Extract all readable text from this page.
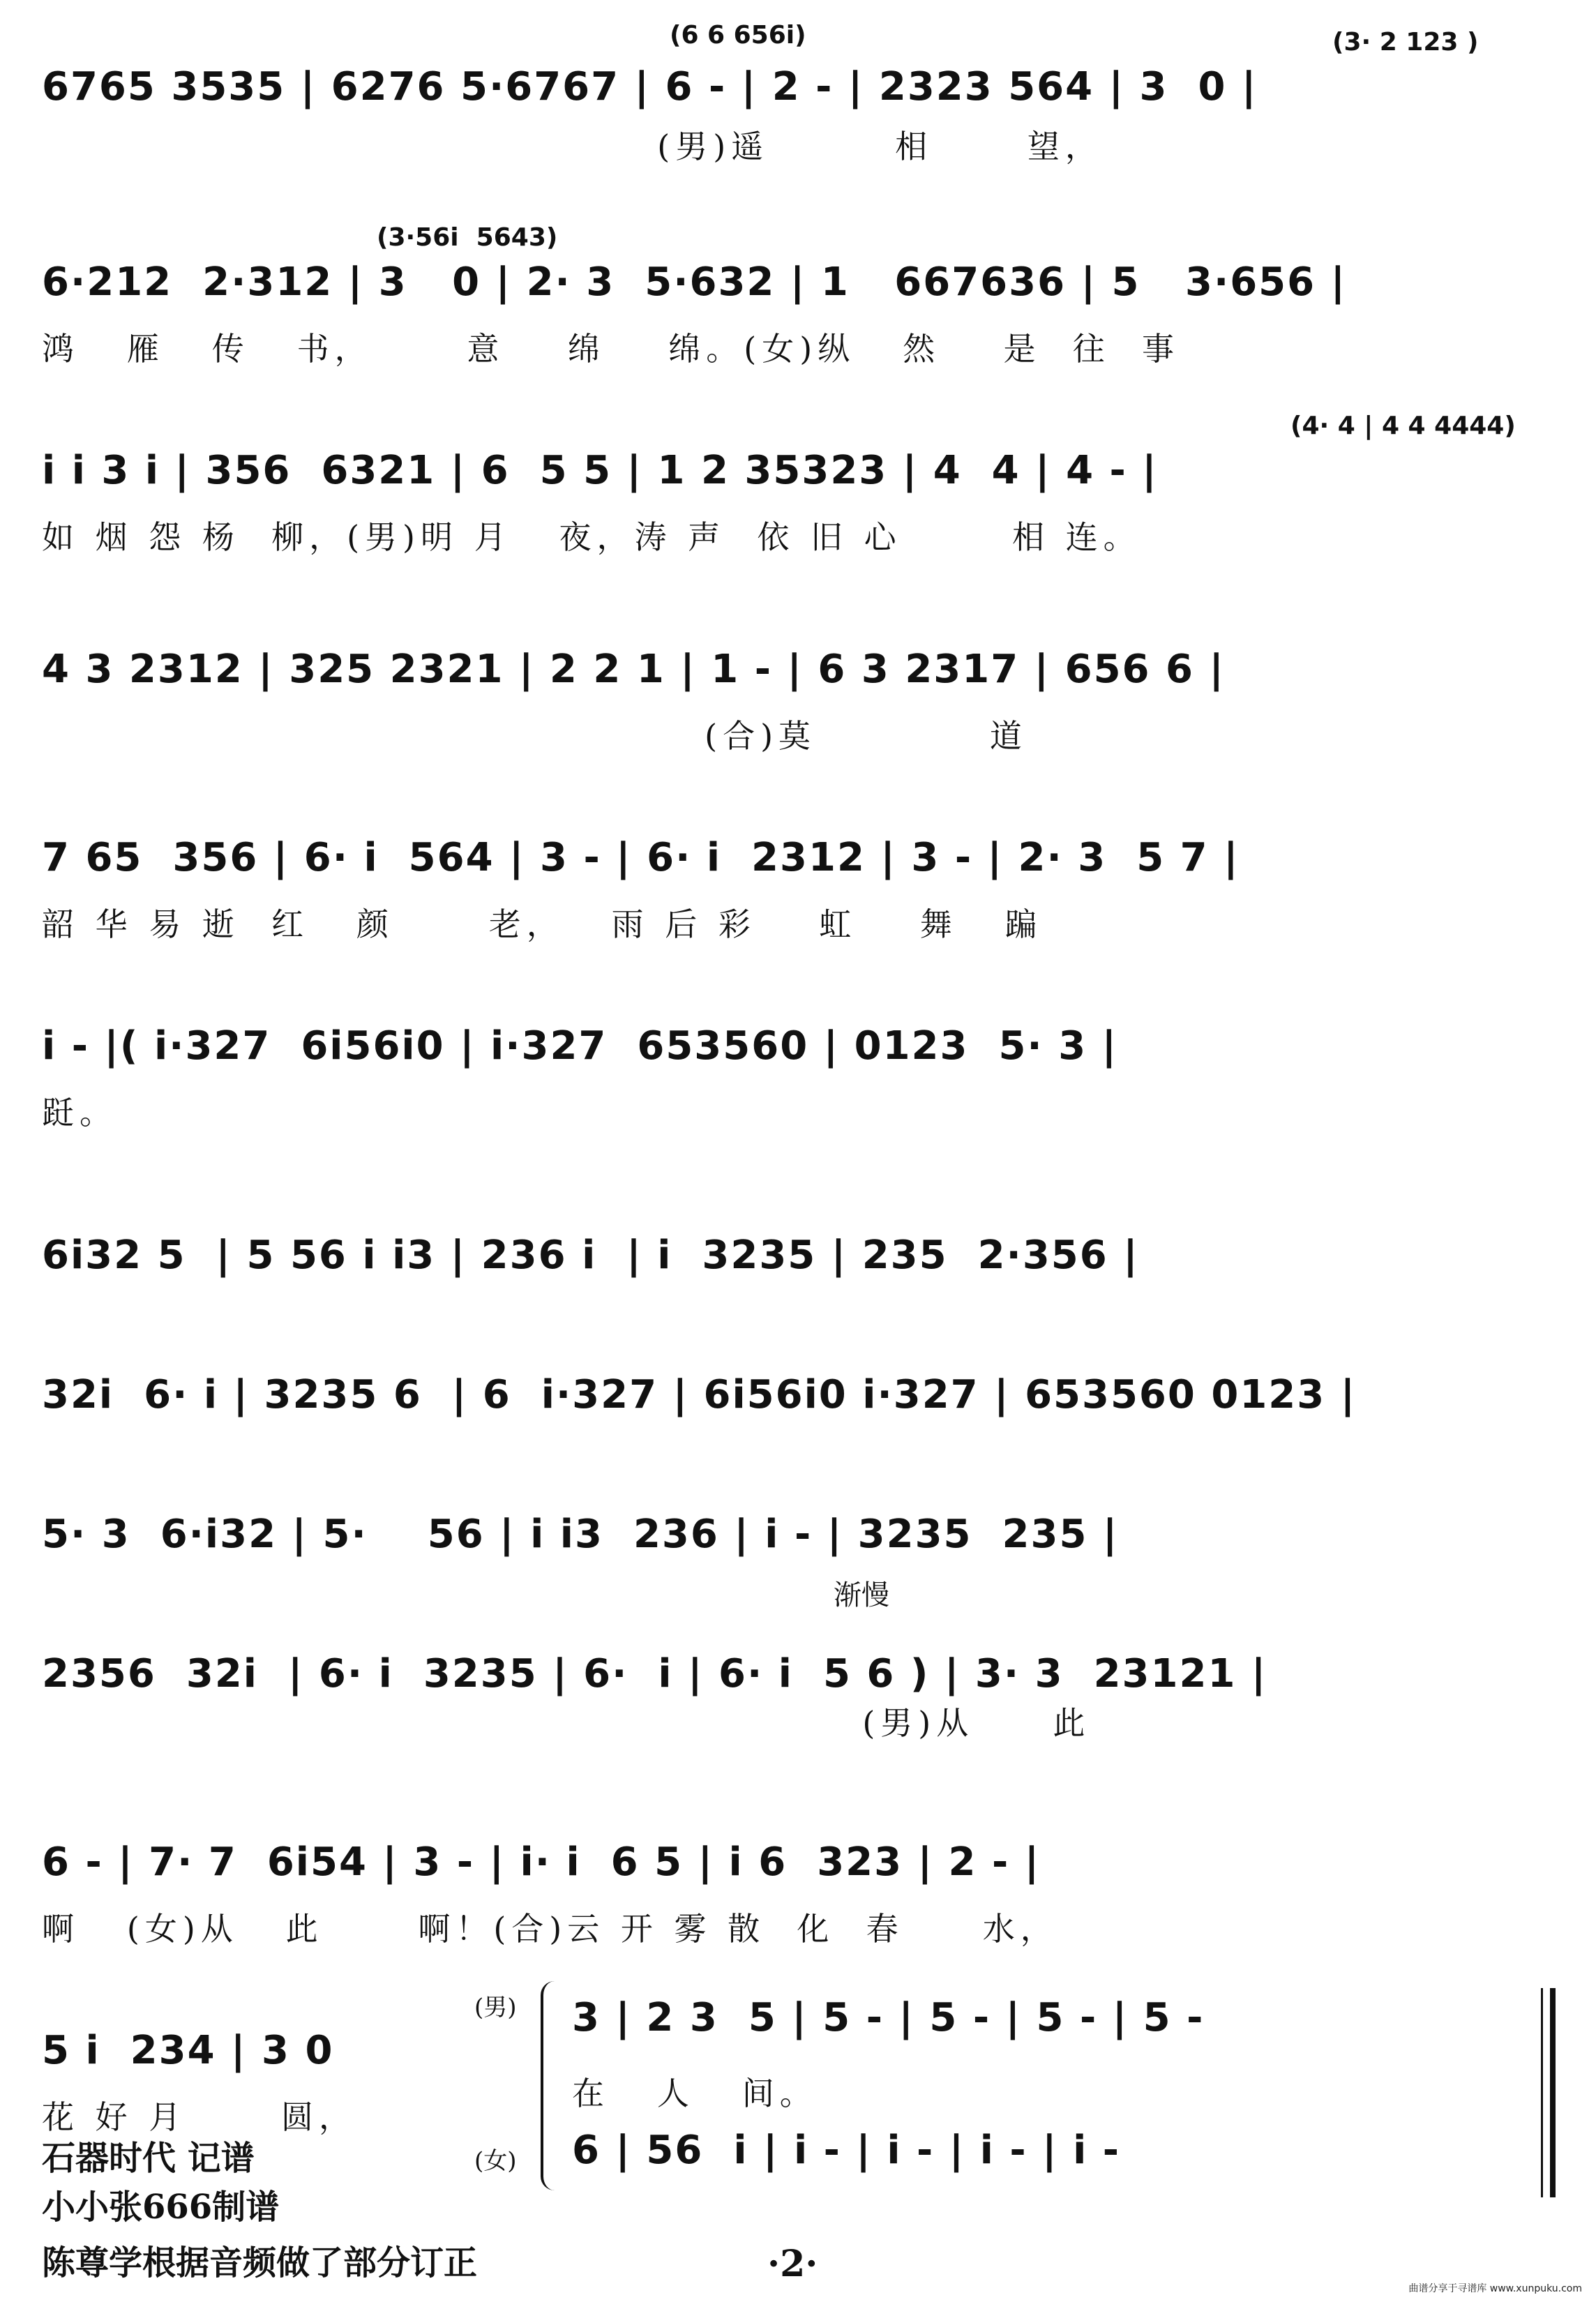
(6 6 656i)	(3· 2 123 )
6765 3535 | 6276 5·6767 | 6 - | 2 - | 2323 564 | 3  0 |
(男)遥        相      望，
(3·56i  5643)
6·212  2·312 | 3   0 | 2· 3  5·632 | 1   667636 | 5   3·656 |
鸿   雁   传   书，      意    绵    绵。(女)纵   然    是  往  事
(4· 4 | 4 4 4444)
i i 3 i | 356  6321 | 6  5 5 | 1 2 35323 | 4  4 | 4 - |
如 烟 怨 杨  柳，(男)明 月   夜，涛 声  依 旧 心       相 连。
4 3 2312 | 325 2321 | 2 2 1 | 1 - | 6 3 2317 | 656 6 |
(合)莫           道
7 65  356 | 6· i  564 | 3 - | 6· i  2312 | 3 - | 2· 3  5 7 |
韶 华 易 逝  红   颜      老，   雨 后 彩    虹    舞   蹁
i - |( i·327  6i56i0 | i·327  653560 | 0123  5· 3 |
跹。
6i32 5  | 5 56 i i3 | 236 i  | i  3235 | 235  2·356 |
32i  6· i | 3235 6  | 6  i·327 | 6i56i0 i·327 | 653560 0123 |
5· 3  6·i32 | 5·    56 | i i3  236 | i - | 3235  235 |
渐慢
2356  32i  | 6· i  3235 | 6·  i | 6· i  5 6 ) | 3· 3  23121 |
(男)从     此
6 - | 7· 7  6i54 | 3 - | i· i  6 5 | i 6  323 | 2 - |
啊   (女)从   此      啊！(合)云 开 雾 散  化  春     水，
5 i  234 | 3 0
花 好 月      圆，
(男)
(女)
3 | 2 3  5 | 5 - | 5 - | 5 - | 5 -
在   人   间。
6 | 56  i | i - | i - | i - | i -
石器时代 记谱
小小张666制谱
陈尊学根据音频做了部分订正	·2·
曲谱分享于寻谱库 www.xunpuku.com
